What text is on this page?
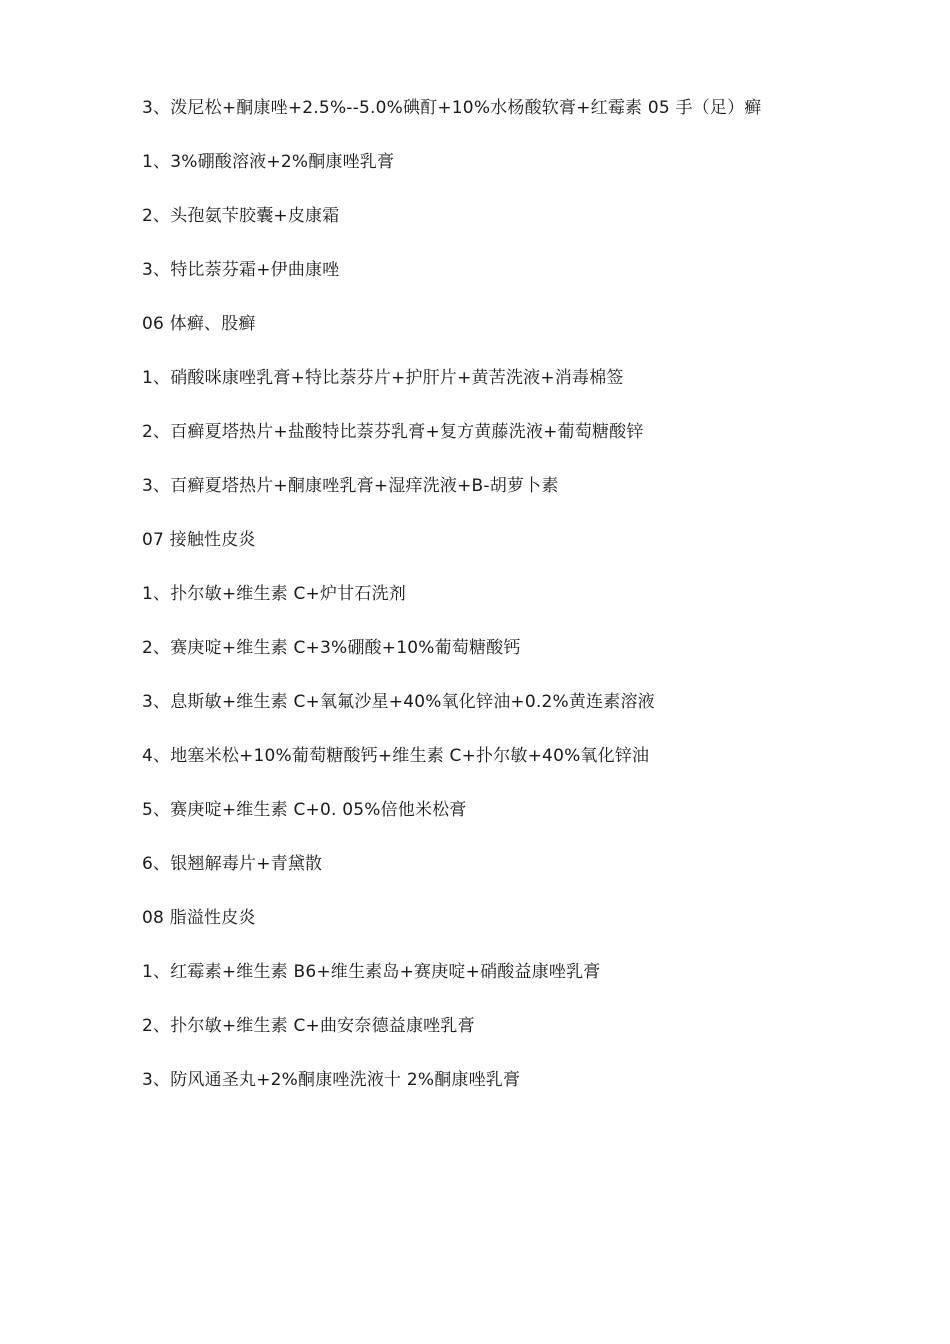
3、泼尼松+酮康唑+2.5%--5.0%碘酊+10%水杨酸软膏+红霉素 05 手（足）癣
1、3%硼酸溶液+2%酮康唑乳膏
2、头孢氨苄胶囊+皮康霜
3、特比萘芬霜+伊曲康唑
06 体癣、股癣
1、硝酸咪康唑乳膏+特比萘芬片+护肝片+黄苦洗液+消毒棉签
2、百癣夏塔热片+盐酸特比萘芬乳膏+复方黄藤洗液+葡萄糖酸锌
3、百癣夏塔热片+酮康唑乳膏+湿痒洗液+B-胡萝卜素
07 接触性皮炎
1、扑尔敏+维生素 C+炉甘石洗剂
2、赛庚啶+维生素 C+3%硼酸+10%葡萄糖酸钙
3、息斯敏+维生素 C+氧氟沙星+40%氧化锌油+0.2%黄连素溶液
4、地塞米松+10%葡萄糖酸钙+维生素 C+扑尔敏+40%氧化锌油
5、赛庚啶+维生素 C+0. 05%倍他米松膏
6、银翘解毒片+青黛散
08 脂溢性皮炎
1、红霉素+维生素 B6+维生素岛+赛庚啶+硝酸益康唑乳膏
2、扑尔敏+维生素 C+曲安奈德益康唑乳膏
3、防风通圣丸+2%酮康唑洗液十 2%酮康唑乳膏
